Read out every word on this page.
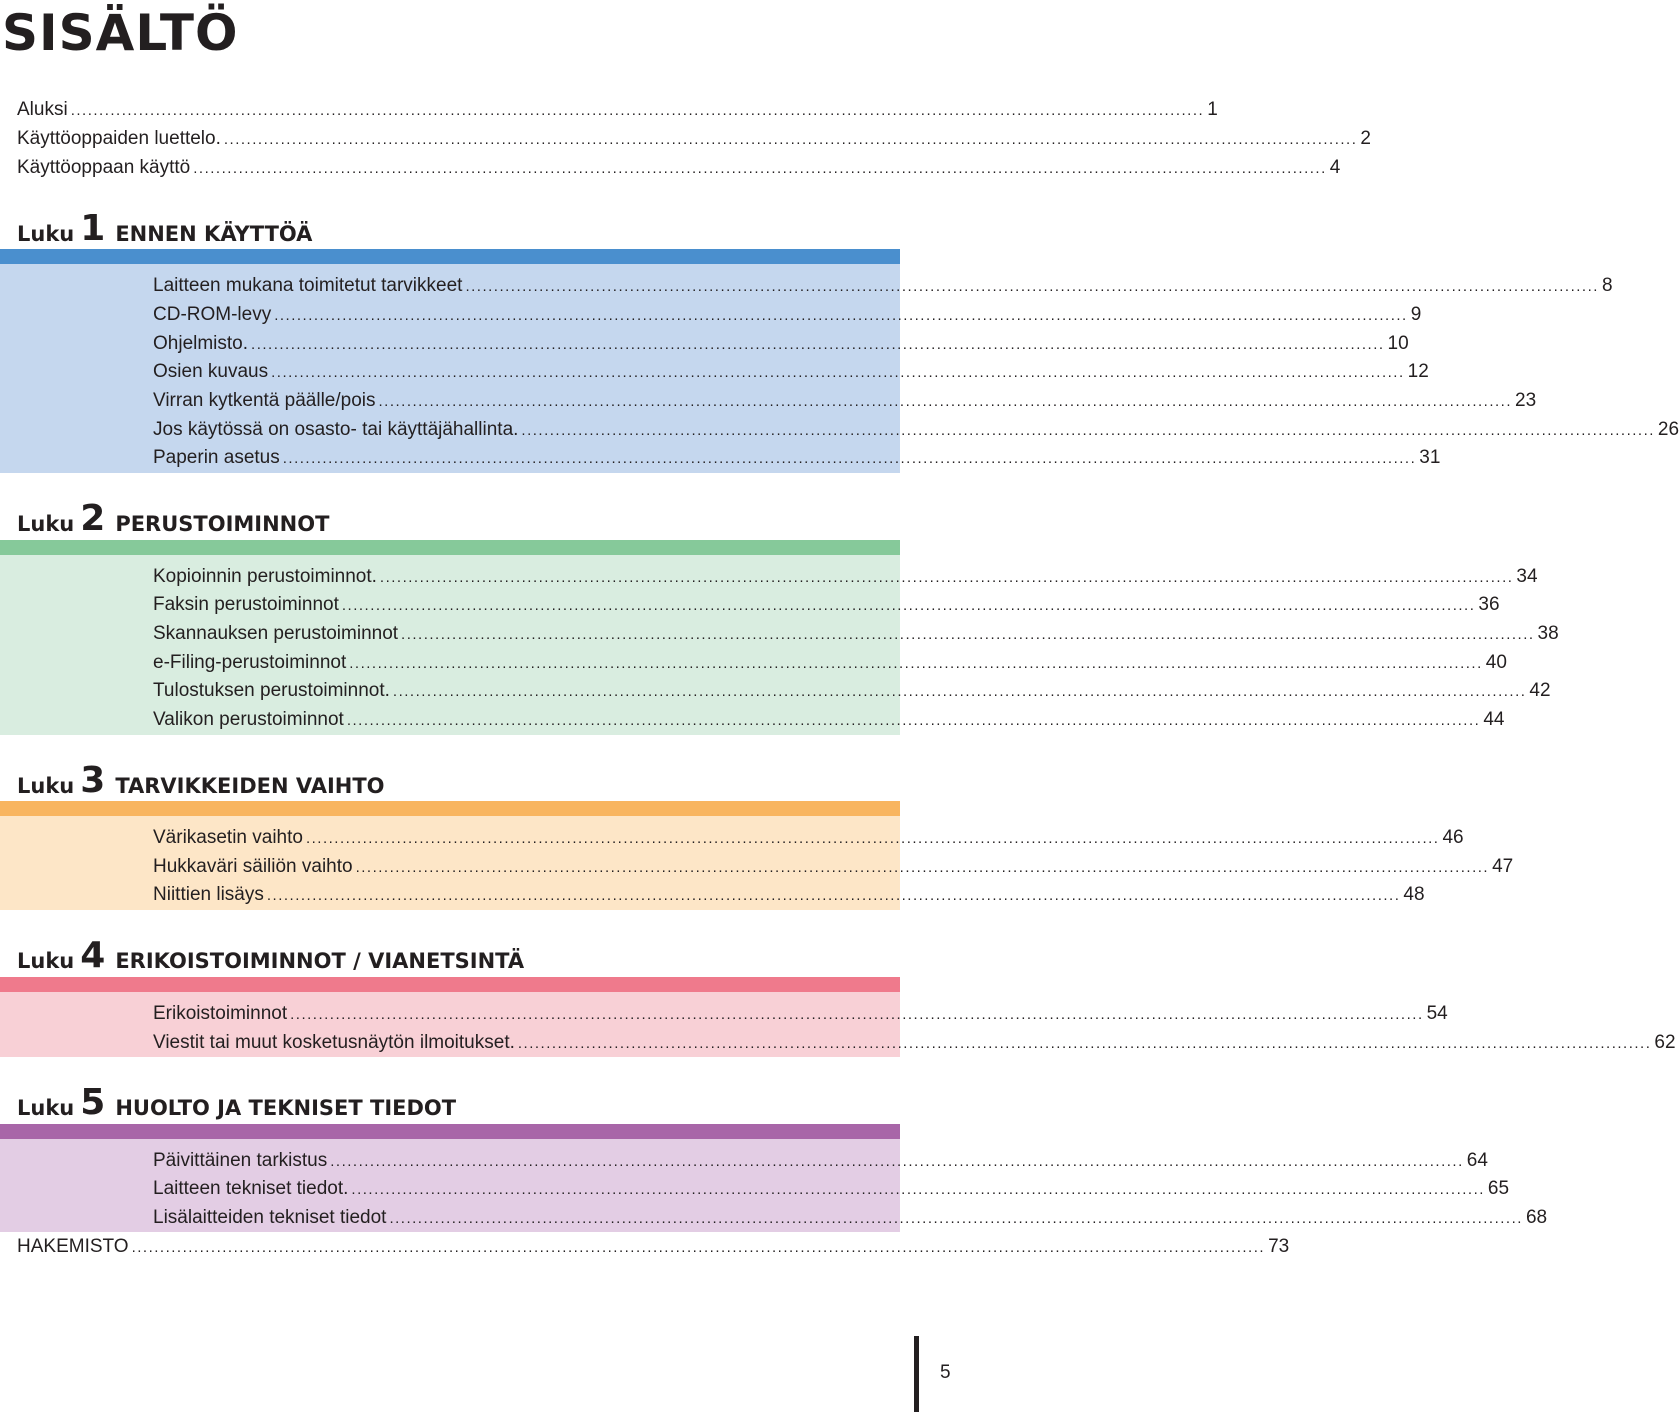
SISÄLTÖ
Aluksi ........................................................................................................................................................................................................ 1
Käyttöoppaiden luettelo. ........................................................................................................................................................................................................ 2
Käyttöoppaan käyttö ........................................................................................................................................................................................................ 4
Luku 1 ENNEN KÄYTTÖÄ
Laitteen mukana toimitetut tarvikkeet ........................................................................................................................................................................................................ 8
CD-ROM-levy ........................................................................................................................................................................................................ 9
Ohjelmisto. ........................................................................................................................................................................................................ 10
Osien kuvaus ........................................................................................................................................................................................................ 12
Virran kytkentä päälle/pois ........................................................................................................................................................................................................ 23
Jos käytössä on osasto- tai käyttäjähallinta. ........................................................................................................................................................................................................ 26
Paperin asetus ........................................................................................................................................................................................................ 31
Luku 2 PERUSTOIMINNOT
Kopioinnin perustoiminnot. ........................................................................................................................................................................................................ 34
Faksin perustoiminnot ........................................................................................................................................................................................................ 36
Skannauksen perustoiminnot ........................................................................................................................................................................................................ 38
e-Filing-perustoiminnot ........................................................................................................................................................................................................ 40
Tulostuksen perustoiminnot. ........................................................................................................................................................................................................ 42
Valikon perustoiminnot ........................................................................................................................................................................................................ 44
Luku 3 TARVIKKEIDEN VAIHTO
Värikasetin vaihto ........................................................................................................................................................................................................ 46
Hukkaväri säiliön vaihto ........................................................................................................................................................................................................ 47
Niittien lisäys ........................................................................................................................................................................................................ 48
Luku 4 ERIKOISTOIMINNOT / VIANETSINTÄ
Erikoistoiminnot ........................................................................................................................................................................................................ 54
Viestit tai muut kosketusnäytön ilmoitukset. ........................................................................................................................................................................................................ 62
Luku 5 HUOLTO JA TEKNISET TIEDOT
Päivittäinen tarkistus ........................................................................................................................................................................................................ 64
Laitteen tekniset tiedot. ........................................................................................................................................................................................................ 65
Lisälaitteiden tekniset tiedot ........................................................................................................................................................................................................ 68
HAKEMISTO ........................................................................................................................................................................................................ 73
5
